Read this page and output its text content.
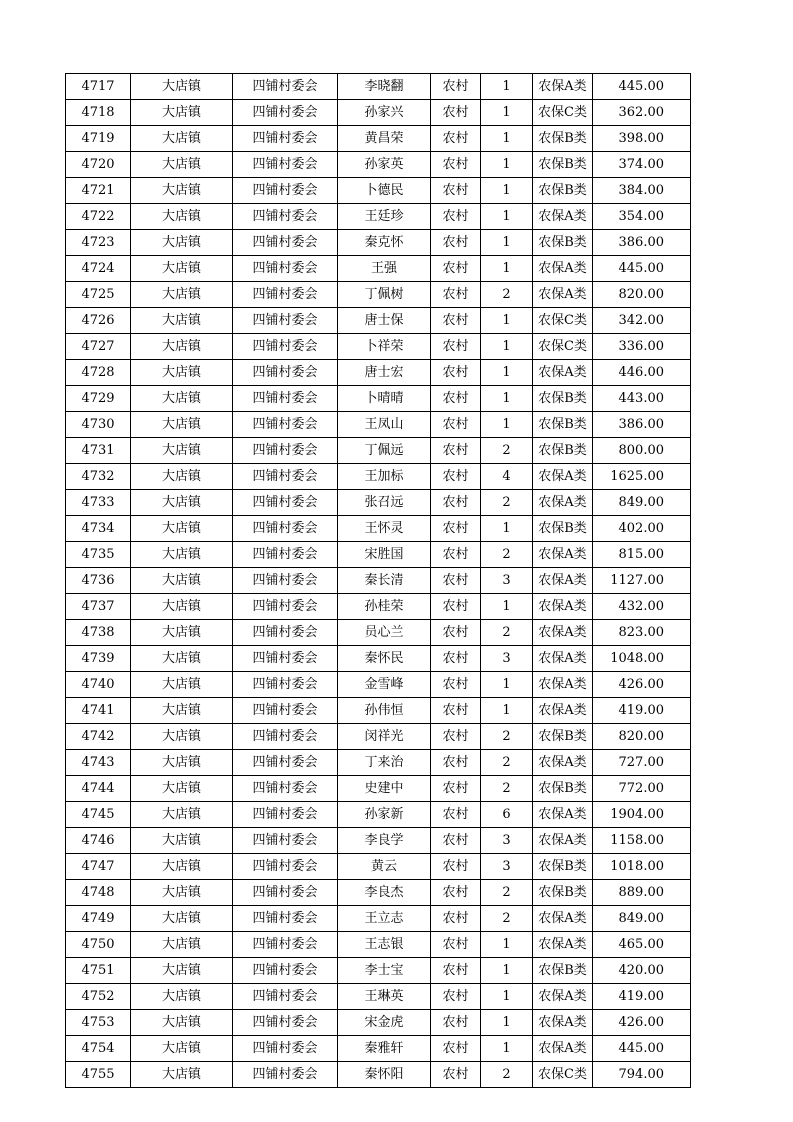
4717	大店镇	四铺村委会	李晓翻	农村	1	农保A类	445.00
4718	大店镇	四铺村委会	孙家兴	农村	1	农保C类	362.00
4719	大店镇	四铺村委会	黄昌荣	农村	1	农保B类	398.00
4720	大店镇	四铺村委会	孙家英	农村	1	农保B类	374.00
4721	大店镇	四铺村委会	卜德民	农村	1	农保B类	384.00
4722	大店镇	四铺村委会	王廷珍	农村	1	农保A类	354.00
4723	大店镇	四铺村委会	秦克怀	农村	1	农保B类	386.00
4724	大店镇	四铺村委会	王强	农村	1	农保A类	445.00
4725	大店镇	四铺村委会	丁佩树	农村	2	农保A类	820.00
4726	大店镇	四铺村委会	唐士保	农村	1	农保C类	342.00
4727	大店镇	四铺村委会	卜祥荣	农村	1	农保C类	336.00
4728	大店镇	四铺村委会	唐士宏	农村	1	农保A类	446.00
4729	大店镇	四铺村委会	卜晴晴	农村	1	农保B类	443.00
4730	大店镇	四铺村委会	王凤山	农村	1	农保B类	386.00
4731	大店镇	四铺村委会	丁佩远	农村	2	农保B类	800.00
4732	大店镇	四铺村委会	王加标	农村	4	农保A类	1625.00
4733	大店镇	四铺村委会	张召远	农村	2	农保A类	849.00
4734	大店镇	四铺村委会	王怀灵	农村	1	农保B类	402.00
4735	大店镇	四铺村委会	宋胜国	农村	2	农保A类	815.00
4736	大店镇	四铺村委会	秦长清	农村	3	农保A类	1127.00
4737	大店镇	四铺村委会	孙桂荣	农村	1	农保A类	432.00
4738	大店镇	四铺村委会	员心兰	农村	2	农保A类	823.00
4739	大店镇	四铺村委会	秦怀民	农村	3	农保A类	1048.00
4740	大店镇	四铺村委会	金雪峰	农村	1	农保A类	426.00
4741	大店镇	四铺村委会	孙伟恒	农村	1	农保A类	419.00
4742	大店镇	四铺村委会	闵祥光	农村	2	农保B类	820.00
4743	大店镇	四铺村委会	丁来治	农村	2	农保A类	727.00
4744	大店镇	四铺村委会	史建中	农村	2	农保B类	772.00
4745	大店镇	四铺村委会	孙家新	农村	6	农保A类	1904.00
4746	大店镇	四铺村委会	李良学	农村	3	农保A类	1158.00
4747	大店镇	四铺村委会	黄云	农村	3	农保B类	1018.00
4748	大店镇	四铺村委会	李良杰	农村	2	农保B类	889.00
4749	大店镇	四铺村委会	王立志	农村	2	农保A类	849.00
4750	大店镇	四铺村委会	王志银	农村	1	农保A类	465.00
4751	大店镇	四铺村委会	李士宝	农村	1	农保B类	420.00
4752	大店镇	四铺村委会	王琳英	农村	1	农保A类	419.00
4753	大店镇	四铺村委会	宋金虎	农村	1	农保A类	426.00
4754	大店镇	四铺村委会	秦雅轩	农村	1	农保A类	445.00
4755	大店镇	四铺村委会	秦怀阳	农村	2	农保C类	794.00
